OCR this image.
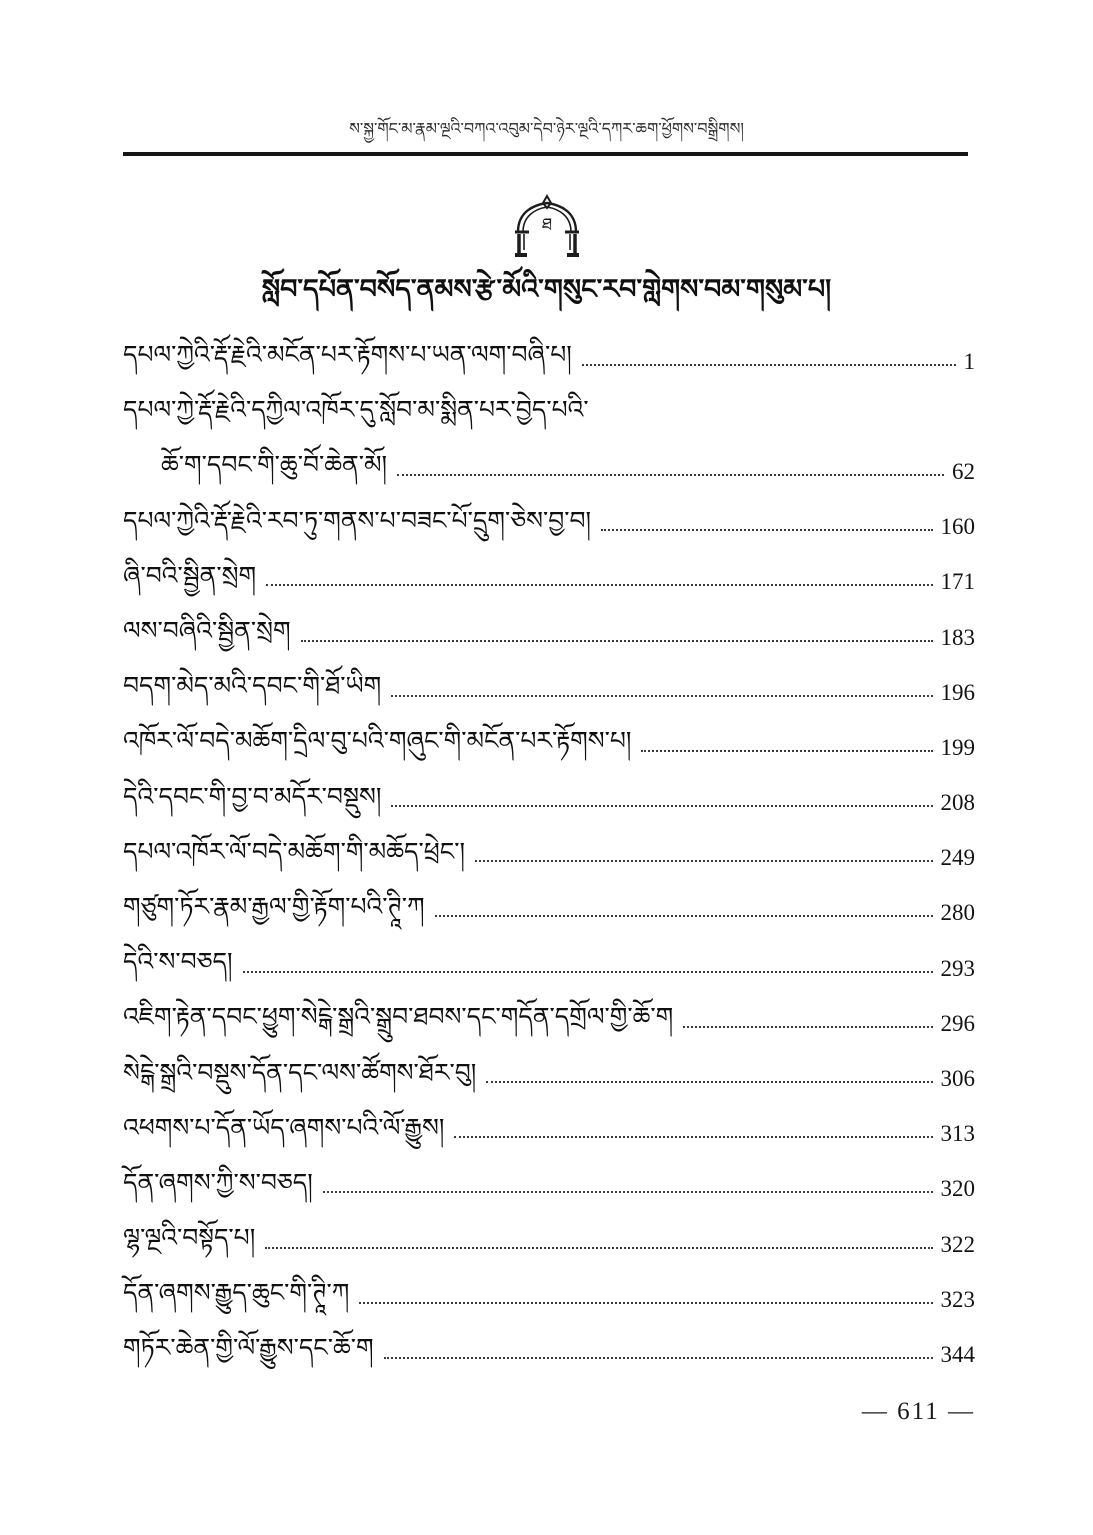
ས་སྐྱ་གོང་མ་རྣམ་ལྔའི་བཀའ་འབུམ་དེབ་ཉེར་ལྔའི་དཀར་ཆག་ཕྱོགས་བསྒྲིགས།
ཐ
སློབ་དཔོན་བསོད་ནམས་རྩེ་མོའི་གསུང་རབ་གླེགས་བམ་གསུམ་པ།
དཔལ་ཀྱེའི་རྡོ་རྗེའི་མངོན་པར་རྟོགས་པ་ཡན་ལག་བཞི་པ།	1
དཔལ་ཀྱེ་རྡོ་རྗེའི་དཀྱིལ་འཁོར་དུ་སློབ་མ་སྨིན་པར་བྱེད་པའི་
ཆོ་ག་དབང་གི་ཆུ་བོ་ཆེན་མོ།	62
དཔལ་ཀྱེའི་རྡོ་རྗེའི་རབ་ཏུ་གནས་པ་བཟང་པོ་དྲུག་ཅེས་བྱ་བ།	160
ཞི་བའི་སྦྱིན་སྲེག	171
ལས་བཞིའི་སྦྱིན་སྲེག	183
བདག་མེད་མའི་དབང་གི་ཐོ་ཡིག	196
འཁོར་ལོ་བདེ་མཆོག་དྲིལ་བུ་པའི་གཞུང་གི་མངོན་པར་རྟོགས་པ།	199
དེའི་དབང་གི་བྱ་བ་མདོར་བསྡུས།	208
དཔལ་འཁོར་ལོ་བདེ་མཆོག་གི་མཆོད་ཕྲེང་།	249
གཙུག་ཏོར་རྣམ་རྒྱལ་གྱི་རྟོག་པའི་ཊཱི་ཀ	280
དེའི་ས་བཅད།	293
འཇིག་རྟེན་དབང་ཕྱུག་སེངྒེ་སྒྲའི་སྒྲུབ་ཐབས་དང་གདོན་དགྲོལ་གྱི་ཆོ་ག	296
སེངྒེ་སྒྲའི་བསྡུས་དོན་དང་ལས་ཚོགས་ཐོར་བུ།	306
འཕགས་པ་དོན་ཡོད་ཞགས་པའི་ལོ་རྒྱུས།	313
དོན་ཞགས་ཀྱི་ས་བཅད།	320
ལྷ་ལྔའི་བསྟོད་པ།	322
དོན་ཞགས་རྒྱུད་ཆུང་གི་ཊཱི་ཀ	323
གཏོར་ཆེན་གྱི་ལོ་རྒྱུས་དང་ཆོ་ག	344
— 611 —
